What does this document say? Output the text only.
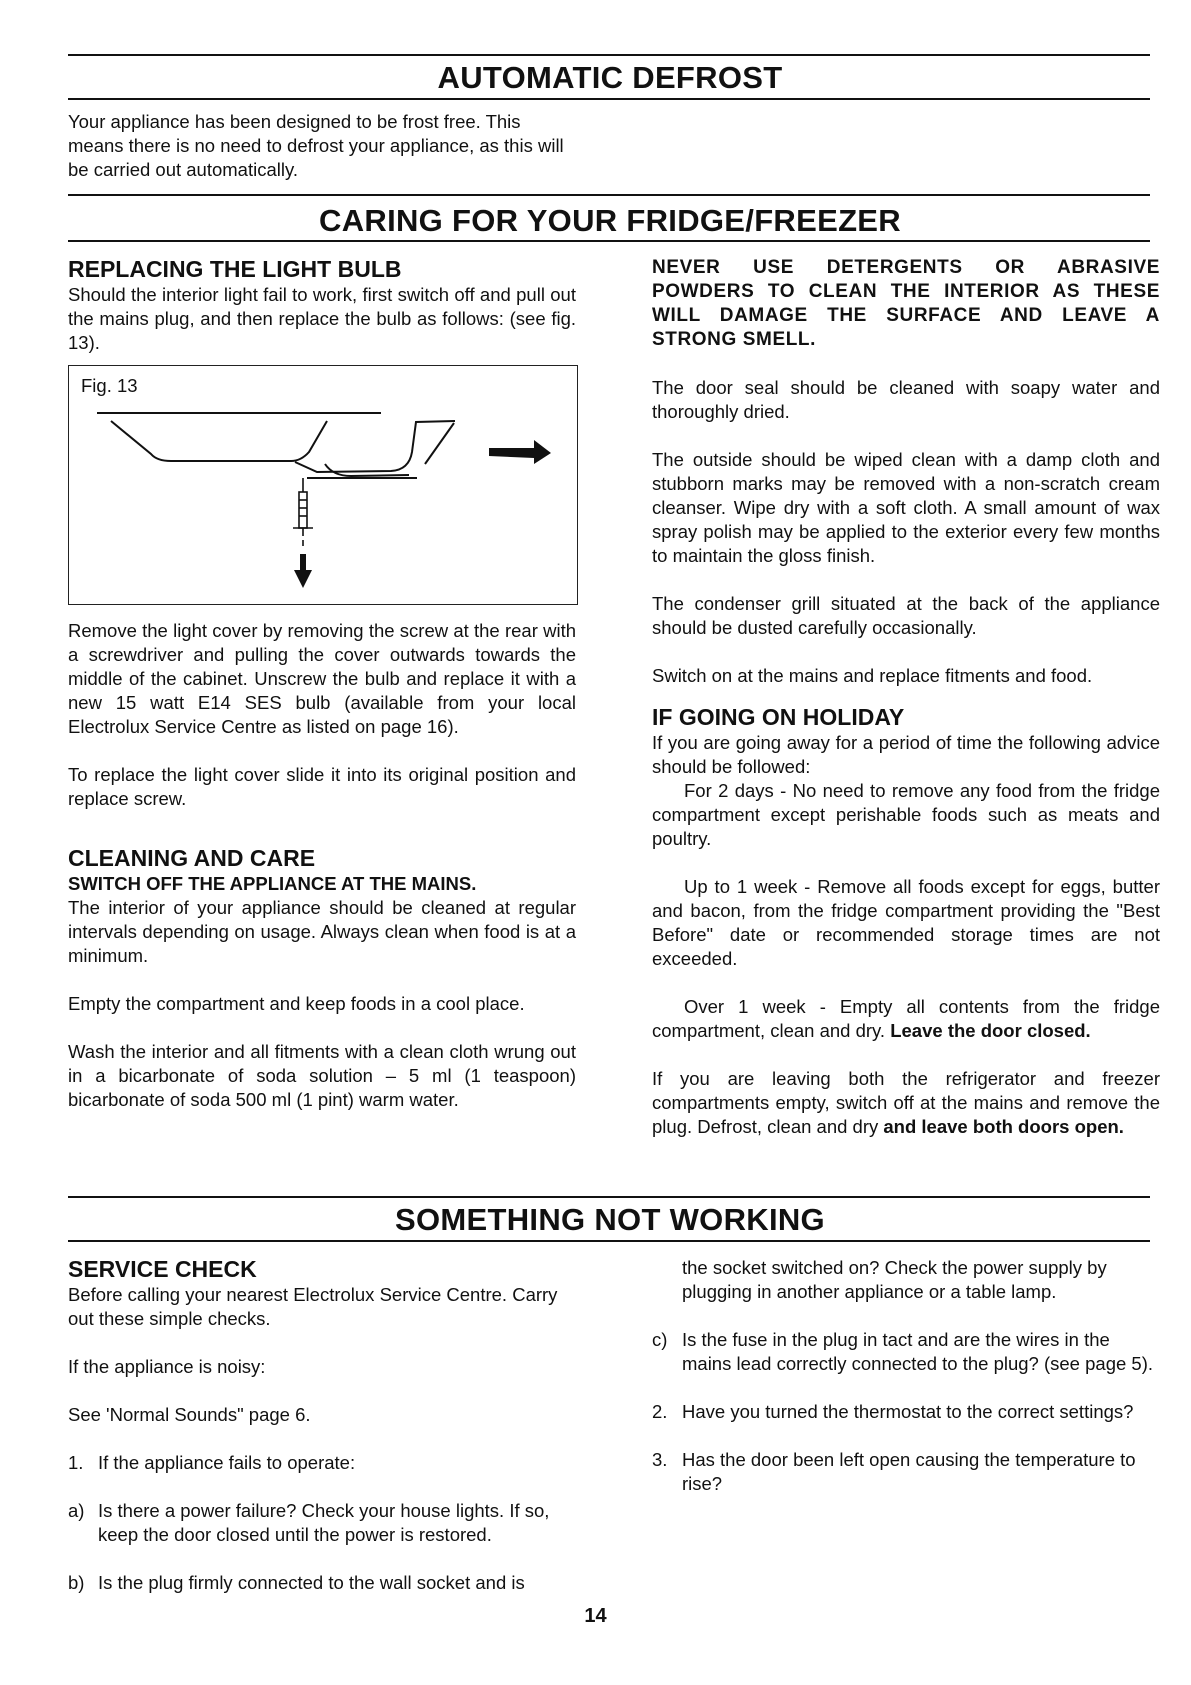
AUTOMATIC DEFROST

Your appliance has been designed to be frost free. This means there is no need to defrost your appliance, as this will be carried out automatically.

CARING FOR YOUR FRIDGE/FREEZER
REPLACING THE LIGHT BULB

Should the interior light fail to work, first switch off and pull out the mains plug, and then replace the bulb as follows: (see fig. 13).

Fig. 13

Remove the light cover by removing the screw at the rear with a screwdriver and pulling the cover outwards towards the middle of the cabinet. Unscrew the bulb and replace it with a new 15 watt E14 SES bulb (available from your local Electrolux Service Centre as listed on page 16).

To replace the light cover slide it into its original position and replace screw.

CLEANING AND CARE
SWITCH OFF THE APPLIANCE AT THE MAINS.

The interior of your appliance should be cleaned at regular intervals depending on usage. Always clean when food is at a minimum.

Empty the compartment and keep foods in a cool place.

Wash the interior and all fitments with a clean cloth wrung out in a bicarbonate of soda solution – 5 ml (1 teaspoon) bicarbonate of soda 500 ml (1 pint) warm water.

NEVER USE DETERGENTS OR ABRASIVE POWDERS TO CLEAN THE INTERIOR AS THESE WILL DAMAGE THE SURFACE AND LEAVE A STRONG SMELL.

The door seal should be cleaned with soapy water and thoroughly dried.

The outside should be wiped clean with a damp cloth and stubborn marks may be removed with a non-scratch cream cleanser. Wipe dry with a soft cloth. A small amount of wax spray polish may be applied to the exterior every few months to maintain the gloss finish.

The condenser grill situated at the back of the appliance should be dusted carefully occasionally.

Switch on at the mains and replace fitments and food.

IF GOING ON HOLIDAY

If you are going away for a period of time the following advice should be followed:

For 2 days - No need to remove any food from the fridge compartment except perishable foods such as meats and poultry.

Up to 1 week - Remove all foods except for eggs, butter and bacon, from the fridge compartment providing the "Best Before" date or recommended storage times are not exceeded.

Over 1 week - Empty all contents from the fridge compartment, clean and dry. Leave the door closed.

If you are leaving both the refrigerator and freezer compartments empty, switch off at the mains and remove the plug. Defrost, clean and dry and leave both doors open.

SOMETHING NOT WORKING
SERVICE CHECK

Before calling your nearest Electrolux Service Centre. Carry out these simple checks.

If the appliance is noisy:

See 'Normal Sounds" page 6.

1. If the appliance fails to operate:

a) Is there a power failure? Check your house lights. If so, keep the door closed until the power is restored.

b) Is the plug firmly connected to the wall socket and is

the socket switched on? Check the power supply by plugging in another appliance or a table lamp.

c) Is the fuse in the plug in tact and are the wires in the mains lead correctly connected to the plug? (see page 5).

2. Have you turned the thermostat to the correct settings?

3. Has the door been left open causing the temperature to rise?

14
